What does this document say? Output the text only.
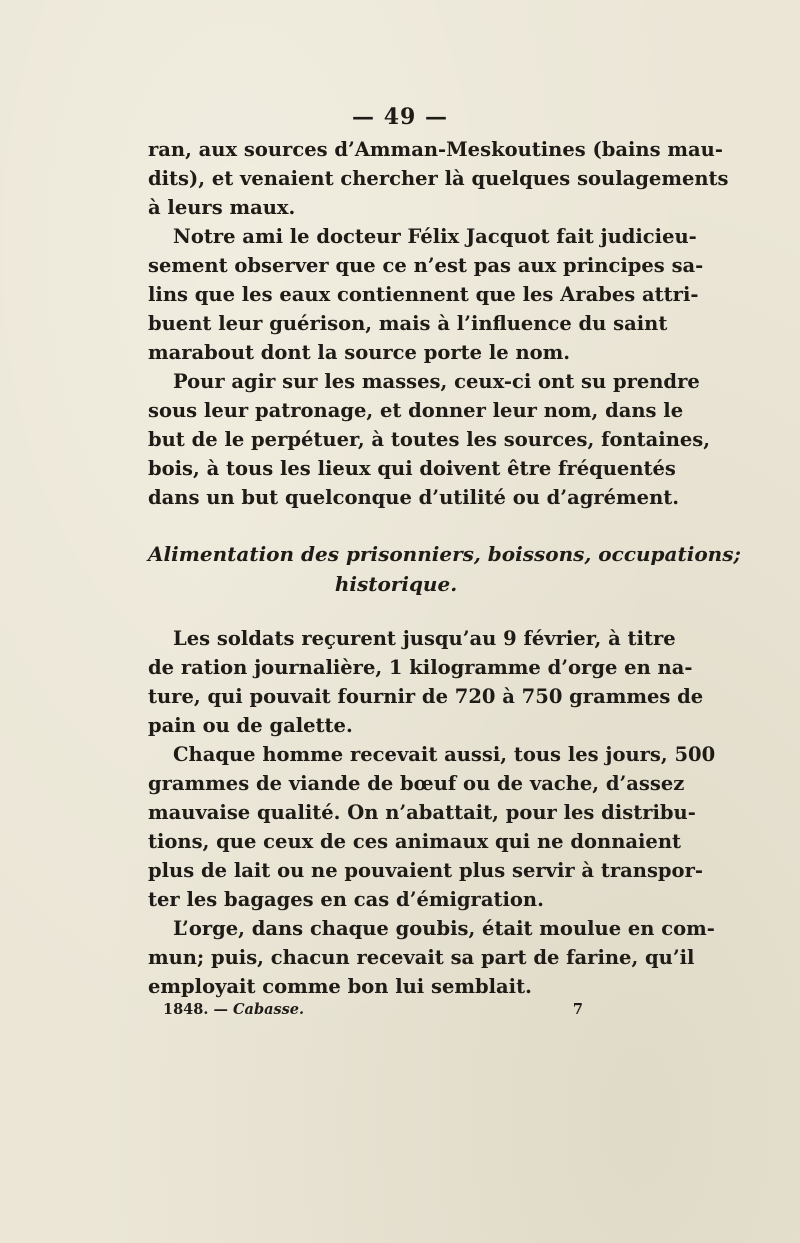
— 49 —
ran, aux sources d’Amman-Meskoutines (bains mau-
dits), et venaient chercher là quelques soulagements
à leurs maux.
Notre ami le docteur Félix Jacquot fait judicieu-
sement observer que ce n’est pas aux principes sa-
lins que les eaux contiennent que les Arabes attri-
buent leur guérison, mais à l’influence du saint
marabout dont la source porte le nom.
Pour agir sur les masses, ceux-ci ont su prendre
sous leur patronage, et donner leur nom, dans le
but de le perpétuer, à toutes les sources, fontaines,
bois, à tous les lieux qui doivent être fréquentés
dans un but quelconque d’utilité ou d’agrément.
Alimentation des prisonniers, boissons, occupations;
historique.
Les soldats reçurent jusqu’au 9 février, à titre
de ration journalière, 1 kilogramme d’orge en na-
ture, qui pouvait fournir de 720 à 750 grammes de
pain ou de galette.
Chaque homme recevait aussi, tous les jours, 500
grammes de viande de bœuf ou de vache, d’assez
mauvaise qualité. On n’abattait, pour les distribu-
tions, que ceux de ces animaux qui ne donnaient
plus de lait ou ne pouvaient plus servir à transpor-
ter les bagages en cas d’émigration.
L’orge, dans chaque goubis, était moulue en com-
mun; puis, chacun recevait sa part de farine, qu’il
employait comme bon lui semblait.
1848. — Cabasse.	7
